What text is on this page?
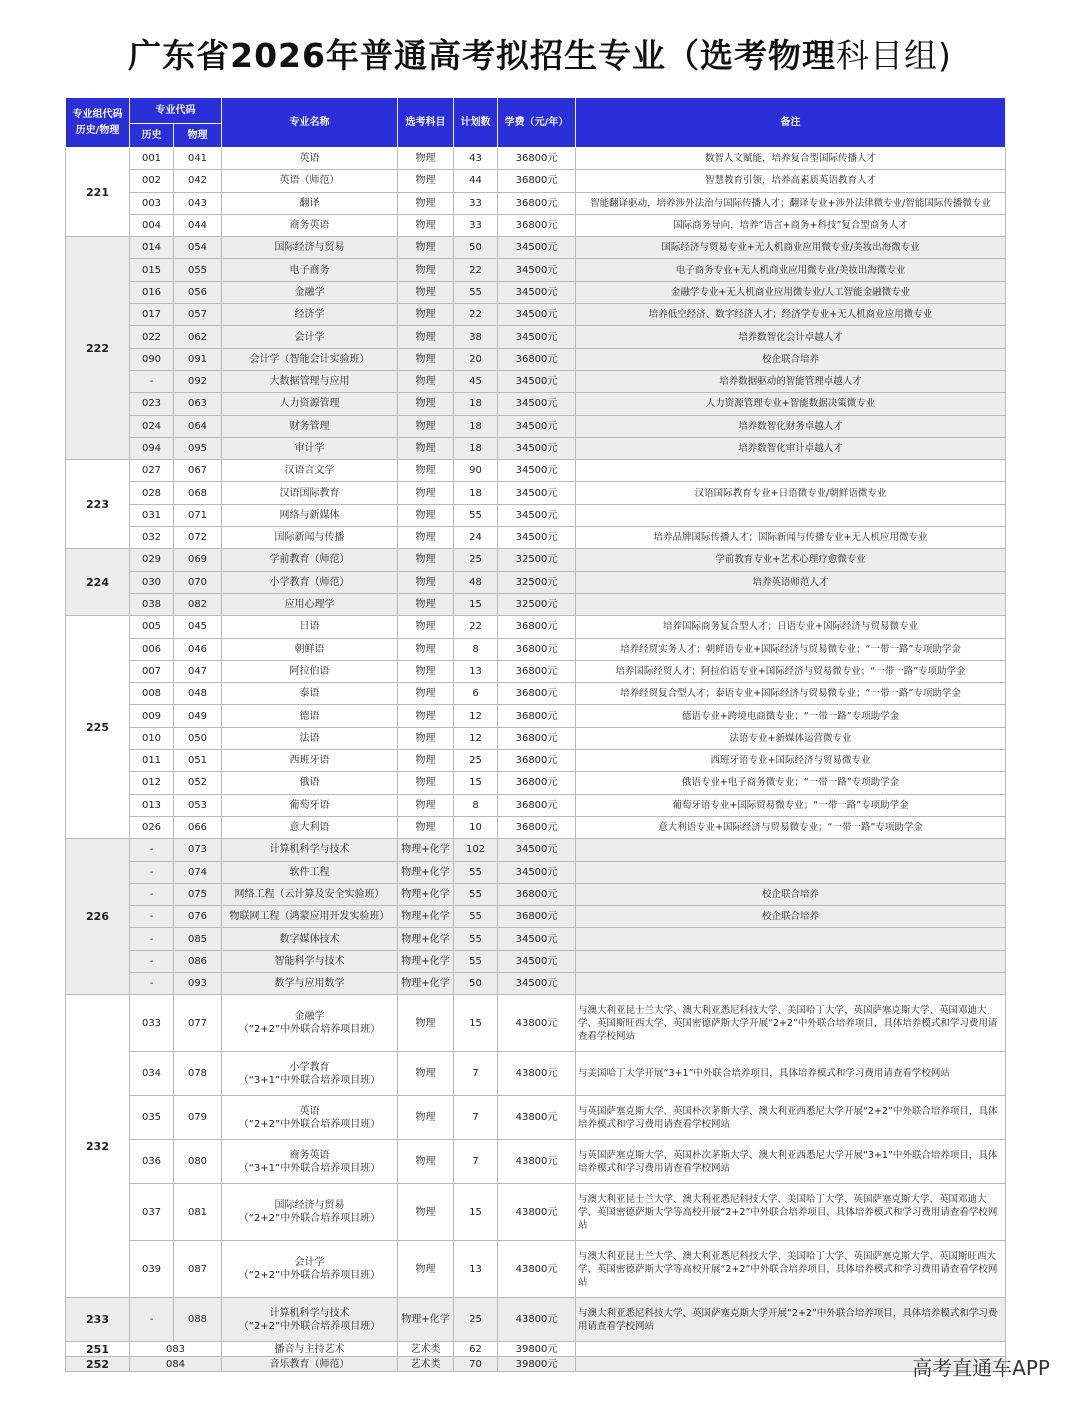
广东省2026年普通高考拟招生专业（选考物理科目组)
专业组代码
历史/物理	专业代码		专业名称	选考科目	计划数	学费（元/年）	备注
	历史	物理					
221	001	041	英语	物理	43	36800元	数智人文赋能，培养复合型国际传播人才
	002	042	英语（师范）	物理	44	36800元	智慧教育引领，培养高素质英语教育人才
	003	043	翻译	物理	33	36800元	智能翻译驱动，培养涉外法治与国际传播人才；翻译专业+涉外法律微专业/智能国际传播微专业
	004	044	商务英语	物理	33	36800元	国际商务导向，培养“语言+商务+科技”复合型商务人才
222	014	054	国际经济与贸易	物理	50	34500元	国际经济与贸易专业+无人机商业应用微专业/美妆出海微专业
	015	055	电子商务	物理	22	34500元	电子商务专业+无人机商业应用微专业/美妆出海微专业
	016	056	金融学	物理	55	34500元	金融学专业+无人机商业应用微专业/人工智能金融微专业
	017	057	经济学	物理	22	34500元	培养低空经济、数字经济人才；经济学专业+无人机商业应用微专业
	022	062	会计学	物理	38	34500元	培养数智化会计卓越人才
	090	091	会计学（智能会计实验班）	物理	20	36800元	校企联合培养
	-	092	大数据管理与应用	物理	45	34500元	培养数据驱动的智能管理卓越人才
	023	063	人力资源管理	物理	18	34500元	人力资源管理专业+智能数据决策微专业
	024	064	财务管理	物理	18	34500元	培养数智化财务卓越人才
	094	095	审计学	物理	18	34500元	培养数智化审计卓越人才
223	027	067	汉语言文学	物理	90	34500元	
	028	068	汉语国际教育	物理	18	34500元	汉语国际教育专业+日语微专业/朝鲜语微专业
	031	071	网络与新媒体	物理	55	34500元	
	032	072	国际新闻与传播	物理	24	34500元	培养品牌国际传播人才；国际新闻与传播专业+无人机应用微专业
224	029	069	学前教育（师范）	物理	25	32500元	学前教育专业+艺术心理疗愈微专业
	030	070	小学教育（师范）	物理	48	32500元	培养英语师范人才
	038	082	应用心理学	物理	15	32500元	
225	005	045	日语	物理	22	36800元	培养国际商务复合型人才；日语专业+国际经济与贸易微专业
	006	046	朝鲜语	物理	8	36800元	培养经贸实务人才；朝鲜语专业+国际经济与贸易微专业；“一带一路”专项助学金
	007	047	阿拉伯语	物理	13	36800元	培养国际经贸人才；阿拉伯语专业+国际经济与贸易微专业；“一带一路”专项助学金
	008	048	泰语	物理	6	36800元	培养经贸复合型人才；泰语专业+国际经济与贸易微专业；“一带一路”专项助学金
	009	049	德语	物理	12	36800元	德语专业+跨境电商微专业；“一带一路”专项助学金
	010	050	法语	物理	12	36800元	法语专业+新媒体运营微专业
	011	051	西班牙语	物理	25	36800元	西班牙语专业+国际经济与贸易微专业
	012	052	俄语	物理	15	36800元	俄语专业+电子商务微专业；“一带一路”专项助学金
	013	053	葡萄牙语	物理	8	36800元	葡萄牙语专业+国际贸易微专业；“一带一路”专项助学金
	026	066	意大利语	物理	10	36800元	意大利语专业+国际经济与贸易微专业；“一带一路”专项助学金
226	-	073	计算机科学与技术	物理+化学	102	34500元	
	-	074	软件工程	物理+化学	55	34500元	
	-	075	网络工程（云计算及安全实验班）	物理+化学	55	36800元	校企联合培养
	-	076	物联网工程（鸿蒙应用开发实验班）	物理+化学	55	36800元	校企联合培养
	-	085	数字媒体技术	物理+化学	55	34500元	
	-	086	智能科学与技术	物理+化学	55	34500元	
	-	093	数学与应用数学	物理+化学	50	34500元	
232	033	077	金融学
（“2+2”中外联合培养项目班）	物理	15	43800元	与澳大利亚昆士兰大学、澳大利亚悉尼科技大学、美国哈丁大学、英国萨塞克斯大学、英国邓迪大学、英国斯旺西大学、英国密德萨斯大学开展“2+2”中外联合培养项目，具体培养模式和学习费用请查看学校网站
	034	078	小学教育
（“3+1”中外联合培养项目班）	物理	7	43800元	与美国哈丁大学开展“3+1”中外联合培养项目，具体培养模式和学习费用请查看学校网站
	035	079	英语
（“2+2”中外联合培养项目班）	物理	7	43800元	与英国萨塞克斯大学、英国朴次茅斯大学、澳大利亚西悉尼大学开展“2+2”中外联合培养项目，具体培养模式和学习费用请查看学校网站
	036	080	商务英语
（“3+1”中外联合培养项目班）	物理	7	43800元	与英国萨塞克斯大学、英国朴次茅斯大学、澳大利亚西悉尼大学开展“3+1”中外联合培养项目，具体培养模式和学习费用请查看学校网站
	037	081	国际经济与贸易
（“2+2”中外联合培养项目班）	物理	15	43800元	与澳大利亚昆士兰大学、澳大利亚悉尼科技大学、美国哈丁大学、英国萨塞克斯大学、英国邓迪大学、英国密德萨斯大学等高校开展“2+2”中外联合培养项目，具体培养模式和学习费用请查看学校网站
	039	087	会计学
（“2+2”中外联合培养项目班）	物理	13	43800元	与澳大利亚昆士兰大学、澳大利亚悉尼科技大学、美国哈丁大学、英国萨塞克斯大学、英国斯旺西大学、英国密德萨斯大学等高校开展“2+2”中外联合培养项目，具体培养模式和学习费用请查看学校网站
233	-	088	计算机科学与技术
（“2+2”中外联合培养项目班）	物理+化学	25	43800元	与澳大利亚悉尼科技大学、英国萨塞克斯大学开展“2+2”中外联合培养项目，具体培养模式和学习费用请查看学校网站
251	083		播音与主持艺术	艺术类	62	39800元	
252	084		音乐教育（师范）	艺术类	70	39800元		高考直通车APP
